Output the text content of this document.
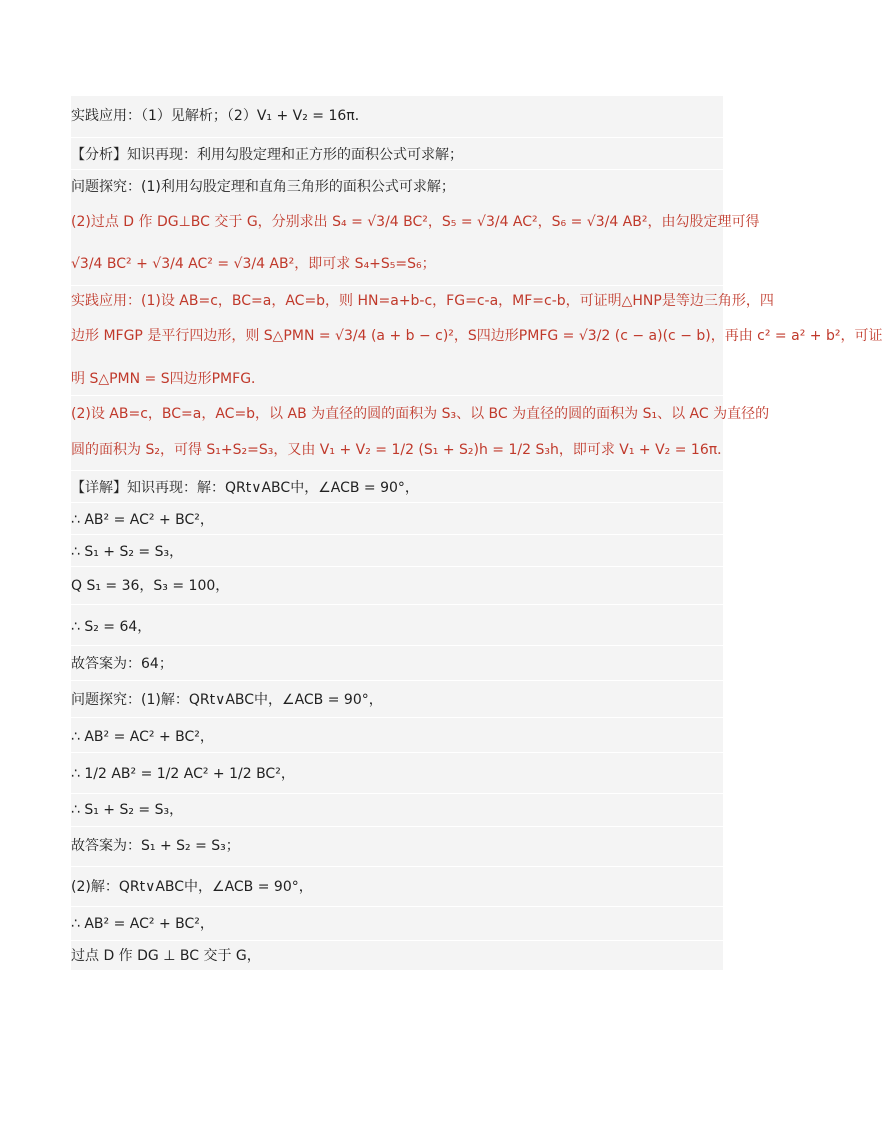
实践应用：（1）见解析；（2）V₁ + V₂ = 16π．
【分析】知识再现：利用勾股定理和正方形的面积公式可求解；
问题探究：(1)利用勾股定理和直角三角形的面积公式可求解；
(2)过点 D 作 DG⊥BC 交于 G，分别求出 S₄ = √3/4 BC²，S₅ = √3/4 AC²，S₆ = √3/4 AB²，由勾股定理可得
√3/4 BC² + √3/4 AC² = √3/4 AB²，即可求 S₄+S₅=S₆；
实践应用：(1)设 AB=c，BC=a，AC=b，则 HN=a+b-c，FG=c-a，MF=c-b，可证明△HNP是等边三角形，四
边形 MFGP 是平行四边形，则 S△PMN = √3/4 (a + b − c)²，S四边形PMFG = √3/2 (c − a)(c − b)，再由 c² = a² + b²，可证
明 S△PMN = S四边形PMFG．
(2)设 AB=c，BC=a，AC=b，以 AB 为直径的圆的面积为 S₃、以 BC 为直径的圆的面积为 S₁、以 AC 为直径的
圆的面积为 S₂，可得 S₁+S₂=S₃，又由 V₁ + V₂ = 1/2 (S₁ + S₂)h = 1/2 S₃h，即可求 V₁ + V₂ = 16π．
【详解】知识再现：解：QRt∨ABC中，∠ACB = 90°，
∴ AB² = AC² + BC²，
∴ S₁ + S₂ = S₃，
Q S₁ = 36，S₃ = 100，
∴ S₂ = 64，
故答案为：64；
问题探究：(1)解：QRt∨ABC中，∠ACB = 90°，
∴ AB² = AC² + BC²，
∴ 1/2 AB² = 1/2 AC² + 1/2 BC²，
∴ S₁ + S₂ = S₃，
故答案为：S₁ + S₂ = S₃；
(2)解：QRt∨ABC中，∠ACB = 90°，
∴ AB² = AC² + BC²，
过点 D 作 DG ⊥ BC 交于 G，
